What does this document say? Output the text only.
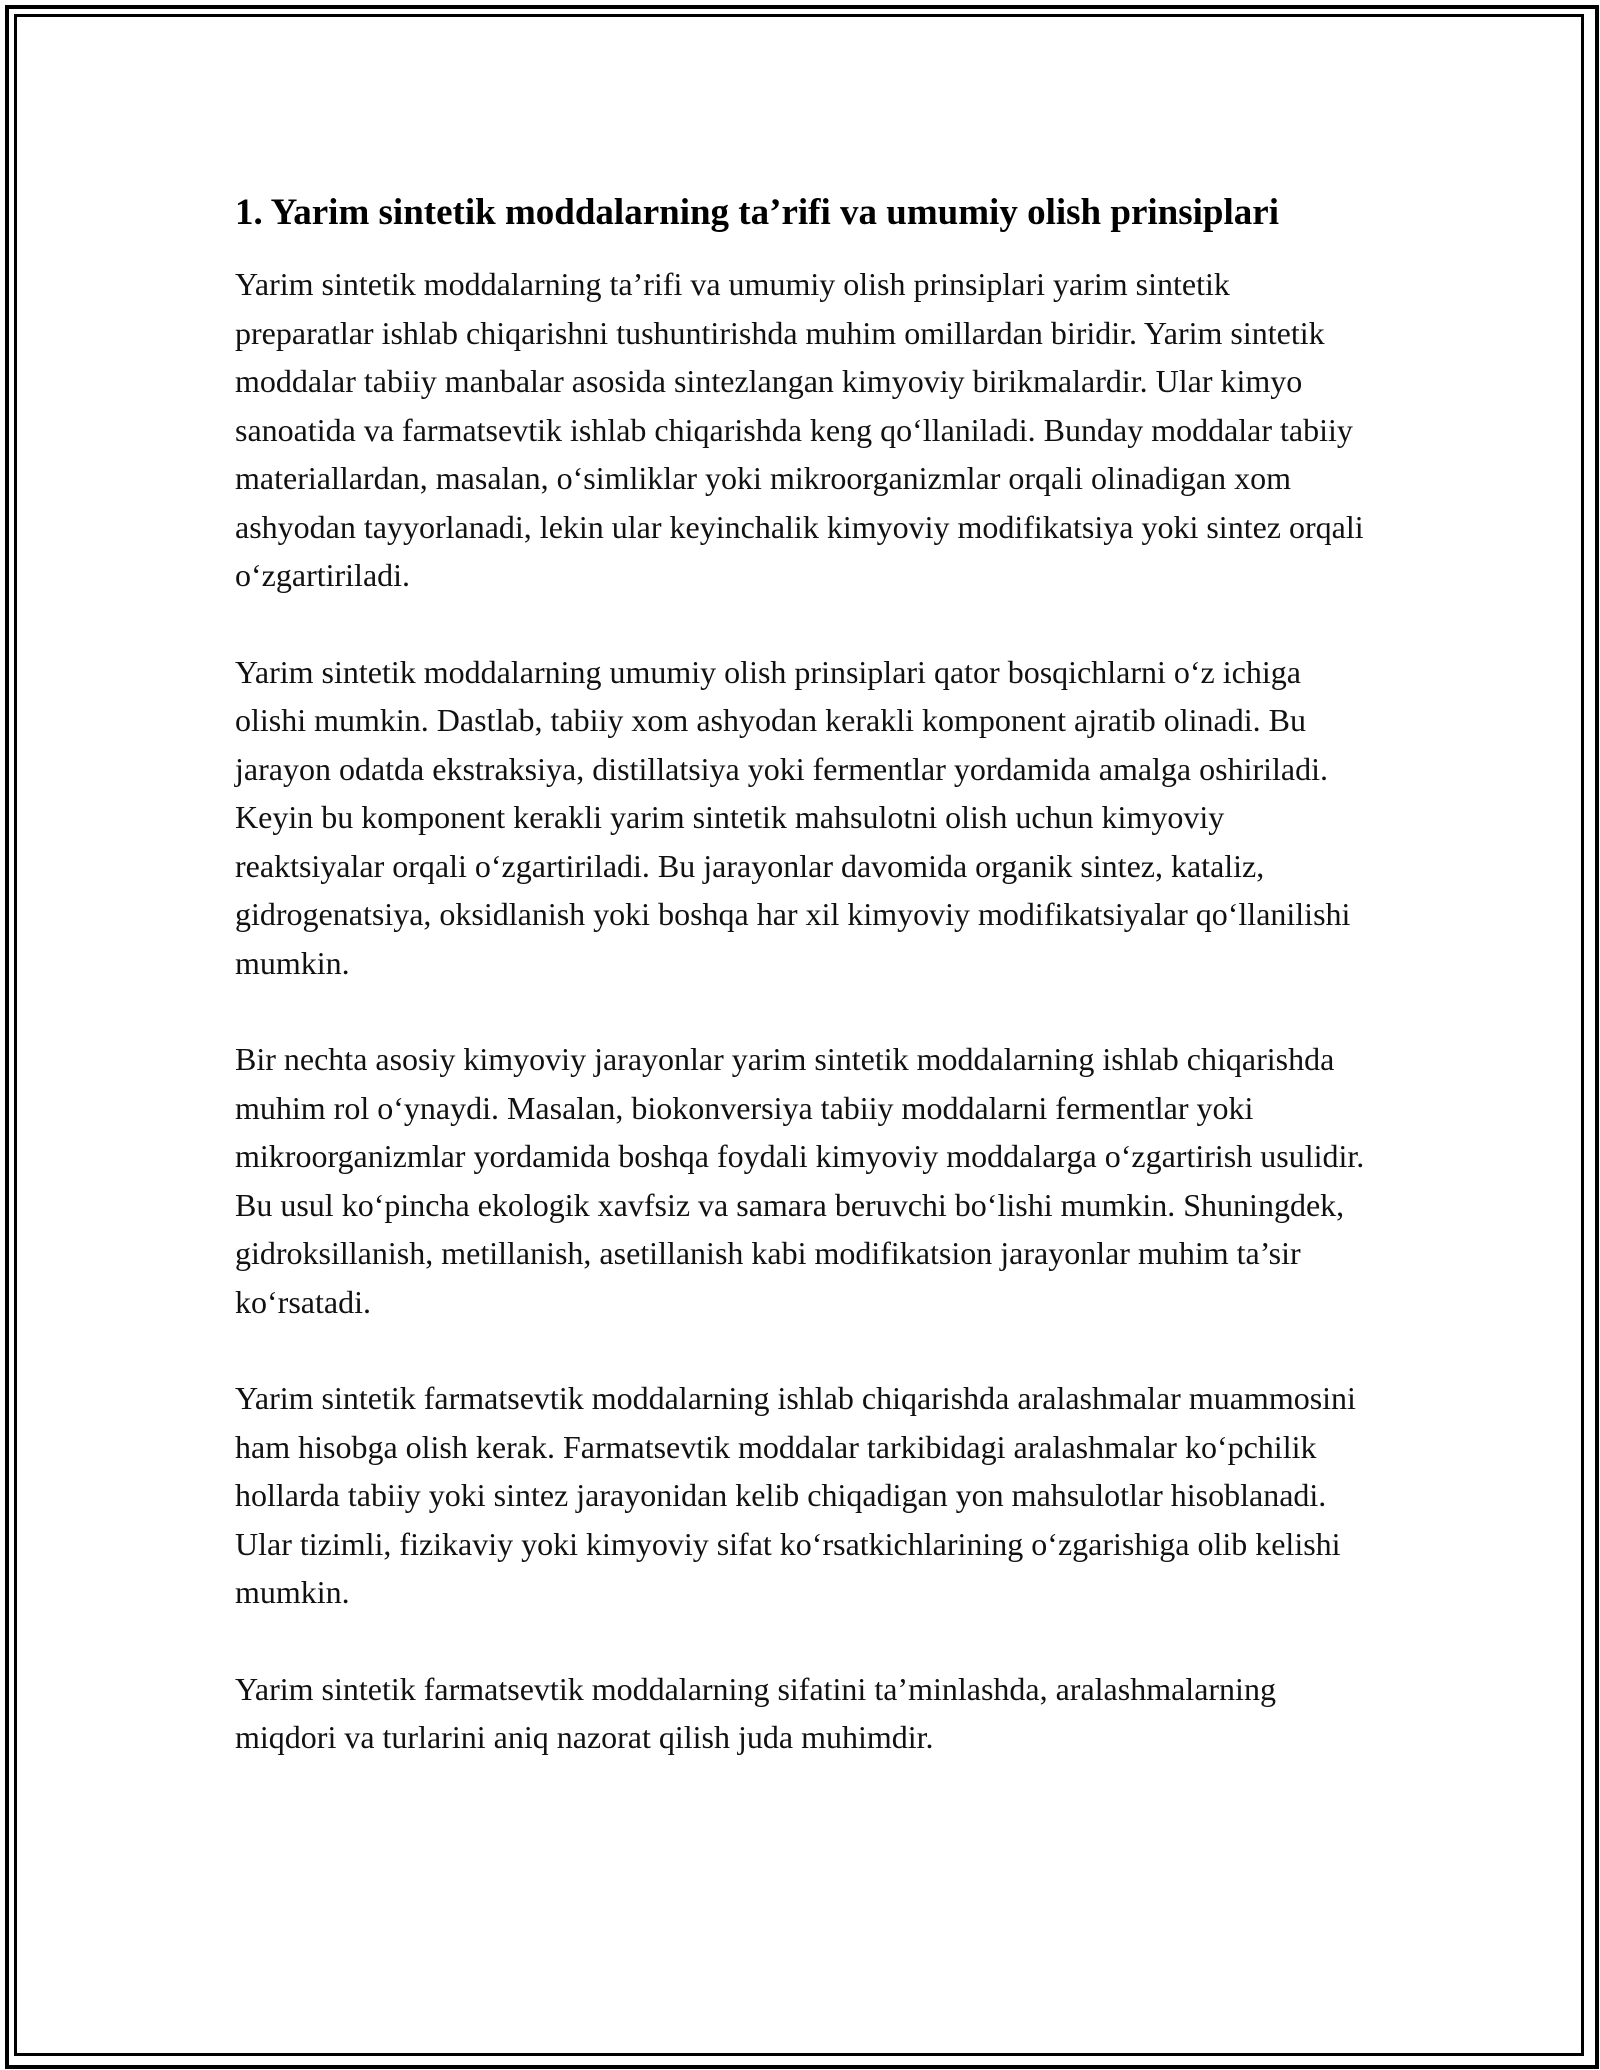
1. Yarim sintetik moddalarning ta’rifi va umumiy olish prinsiplari

Yarim sintetik moddalarning ta’rifi va umumiy olish prinsiplari yarim sintetik preparatlar ishlab chiqarishni tushuntirishda muhim omillardan biridir. Yarim sintetik moddalar tabiiy manbalar asosida sintezlangan kimyoviy birikmalardir. Ular kimyo sanoatida va farmatsevtik ishlab chiqarishda keng qo‘llaniladi. Bunday moddalar tabiiy materiallardan, masalan, o‘simliklar yoki mikroorganizmlar orqali olinadigan xom ashyodan tayyorlanadi, lekin ular keyinchalik kimyoviy modifikatsiya yoki sintez orqali o‘zgartiriladi.

Yarim sintetik moddalarning umumiy olish prinsiplari qator bosqichlarni o‘z ichiga olishi mumkin. Dastlab, tabiiy xom ashyodan kerakli komponent ajratib olinadi. Bu jarayon odatda ekstraksiya, distillatsiya yoki fermentlar yordamida amalga oshiriladi. Keyin bu komponent kerakli yarim sintetik mahsulotni olish uchun kimyoviy reaktsiyalar orqali o‘zgartiriladi. Bu jarayonlar davomida organik sintez, kataliz, gidrogenatsiya, oksidlanish yoki boshqa har xil kimyoviy modifikatsiyalar qo‘llanilishi mumkin.

Bir nechta asosiy kimyoviy jarayonlar yarim sintetik moddalarning ishlab chiqarishda muhim rol o‘ynaydi. Masalan, biokonversiya tabiiy moddalarni fermentlar yoki mikroorganizmlar yordamida boshqa foydali kimyoviy moddalarga o‘zgartirish usulidir. Bu usul ko‘pincha ekologik xavfsiz va samara beruvchi bo‘lishi mumkin. Shuningdek, gidroksillanish, metillanish, asetillanish kabi modifikatsion jarayonlar muhim ta’sir ko‘rsatadi.

Yarim sintetik farmatsevtik moddalarning ishlab chiqarishda aralashmalar muammosini ham hisobga olish kerak. Farmatsevtik moddalar tarkibidagi aralashmalar ko‘pchilik hollarda tabiiy yoki sintez jarayonidan kelib chiqadigan yon mahsulotlar hisoblanadi. Ular tizimli, fizikaviy yoki kimyoviy sifat ko‘rsatkichlarining o‘zgarishiga olib kelishi mumkin.

Yarim sintetik farmatsevtik moddalarning sifatini ta’minlashda, aralashmalarning miqdori va turlarini aniq nazorat qilish juda muhimdir.
